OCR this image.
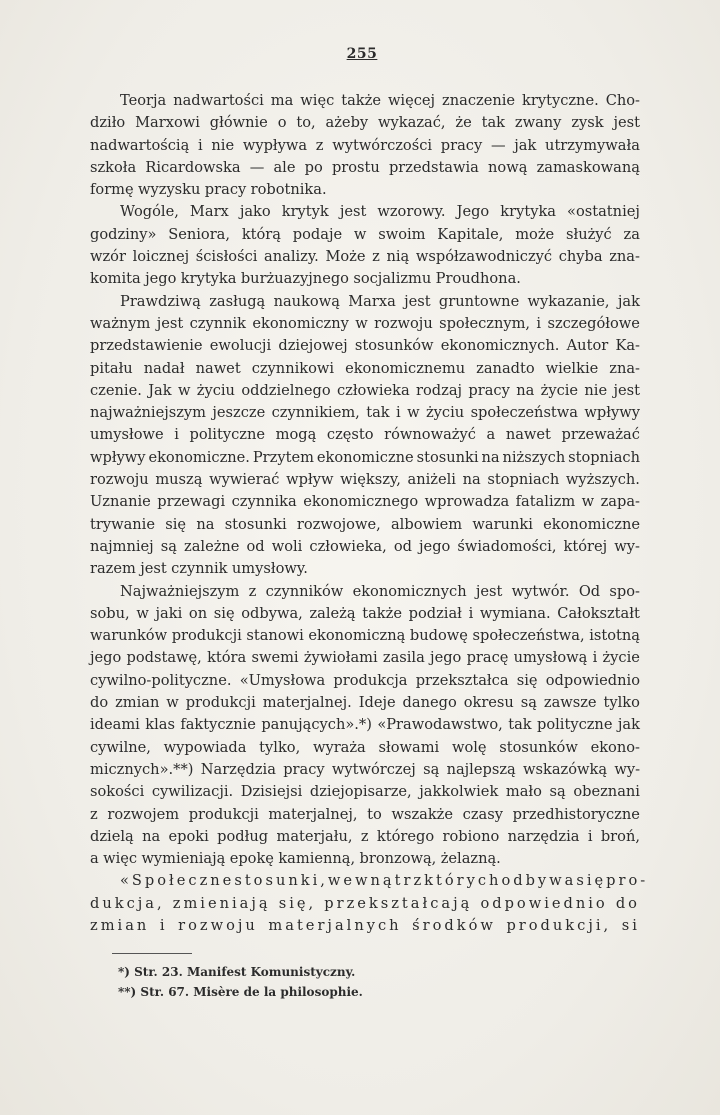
255
Teorja nadwartości ma więc także więcej znaczenie krytyczne. Cho-
dziło Marxowi głównie o to, ażeby wykazać, że tak zwany zysk jest
nadwartością i nie wypływa z wytwórczości pracy — jak utrzymywała
szkoła Ricardowska — ale po prostu przedstawia nową zamaskowaną
formę wyzysku pracy robotnika.
Wogóle, Marx jako krytyk jest wzorowy. Jego krytyka «ostatniej
godziny» Seniora, którą podaje w swoim Kapitale, może służyć za
wzór loicznej ścisłości analizy. Może z nią współzawodniczyć chyba zna-
komita jego krytyka burżuazyjnego socjalizmu Proudhona.
Prawdziwą zasługą naukową Marxa jest gruntowne wykazanie, jak
ważnym jest czynnik ekonomiczny w rozwoju społecznym, i szczegółowe
przedstawienie ewolucji dziejowej stosunków ekonomicznych. Autor Ka-
pitału nadał nawet czynnikowi ekonomicznemu zanadto wielkie zna-
czenie. Jak w życiu oddzielnego człowieka rodzaj pracy na życie nie jest
najważniejszym jeszcze czynnikiem, tak i w życiu społeczeństwa wpływy
umysłowe i polityczne mogą często równoważyć a nawet przeważać
wpływy ekonomiczne. Przytem ekonomiczne stosunki na niższych stopniach
rozwoju muszą wywierać wpływ większy, aniżeli na stopniach wyższych.
Uznanie przewagi czynnika ekonomicznego wprowadza fatalizm w zapa-
trywanie się na stosunki rozwojowe, albowiem warunki ekonomiczne
najmniej są zależne od woli człowieka, od jego świadomości, której wy-
razem jest czynnik umysłowy.
Najważniejszym z czynników ekonomicznych jest wytwór. Od spo-
sobu, w jaki on się odbywa, zależą także podział i wymiana. Całokształt
warunków produkcji stanowi ekonomiczną budowę społeczeństwa, istotną
jego podstawę, która swemi żywiołami zasila jego pracę umysłową i życie
cywilno-polityczne. «Umysłowa produkcja przekształca się odpowiednio
do zmian w produkcji materjalnej. Ideje danego okresu są zawsze tylko
ideami klas faktycznie panujących».*) «Prawodawstwo, tak polityczne jak
cywilne, wypowiada tylko, wyraża słowami wolę stosunków ekono-
micznych».**) Narzędzia pracy wytwórczej są najlepszą wskazówką wy-
sokości cywilizacji. Dzisiejsi dziejopisarze, jakkolwiek mało są obeznani
z rozwojem produkcji materjalnej, to wszakże czasy przedhistoryczne
dzielą na epoki podług materjału, z którego robiono narzędzia i broń,
a więc wymieniają epokę kamienną, bronzową, żelazną.
«Społeczne stosunki, wewnątrz których odbywa się pro-
dukcja, zmieniają się, przekształcają odpowiednio do
zmian i rozwoju materjalnych środków produkcji, si
*) Str. 23. Manifest Komunistyczny.
**) Str. 67. Misère de la philosophie.
